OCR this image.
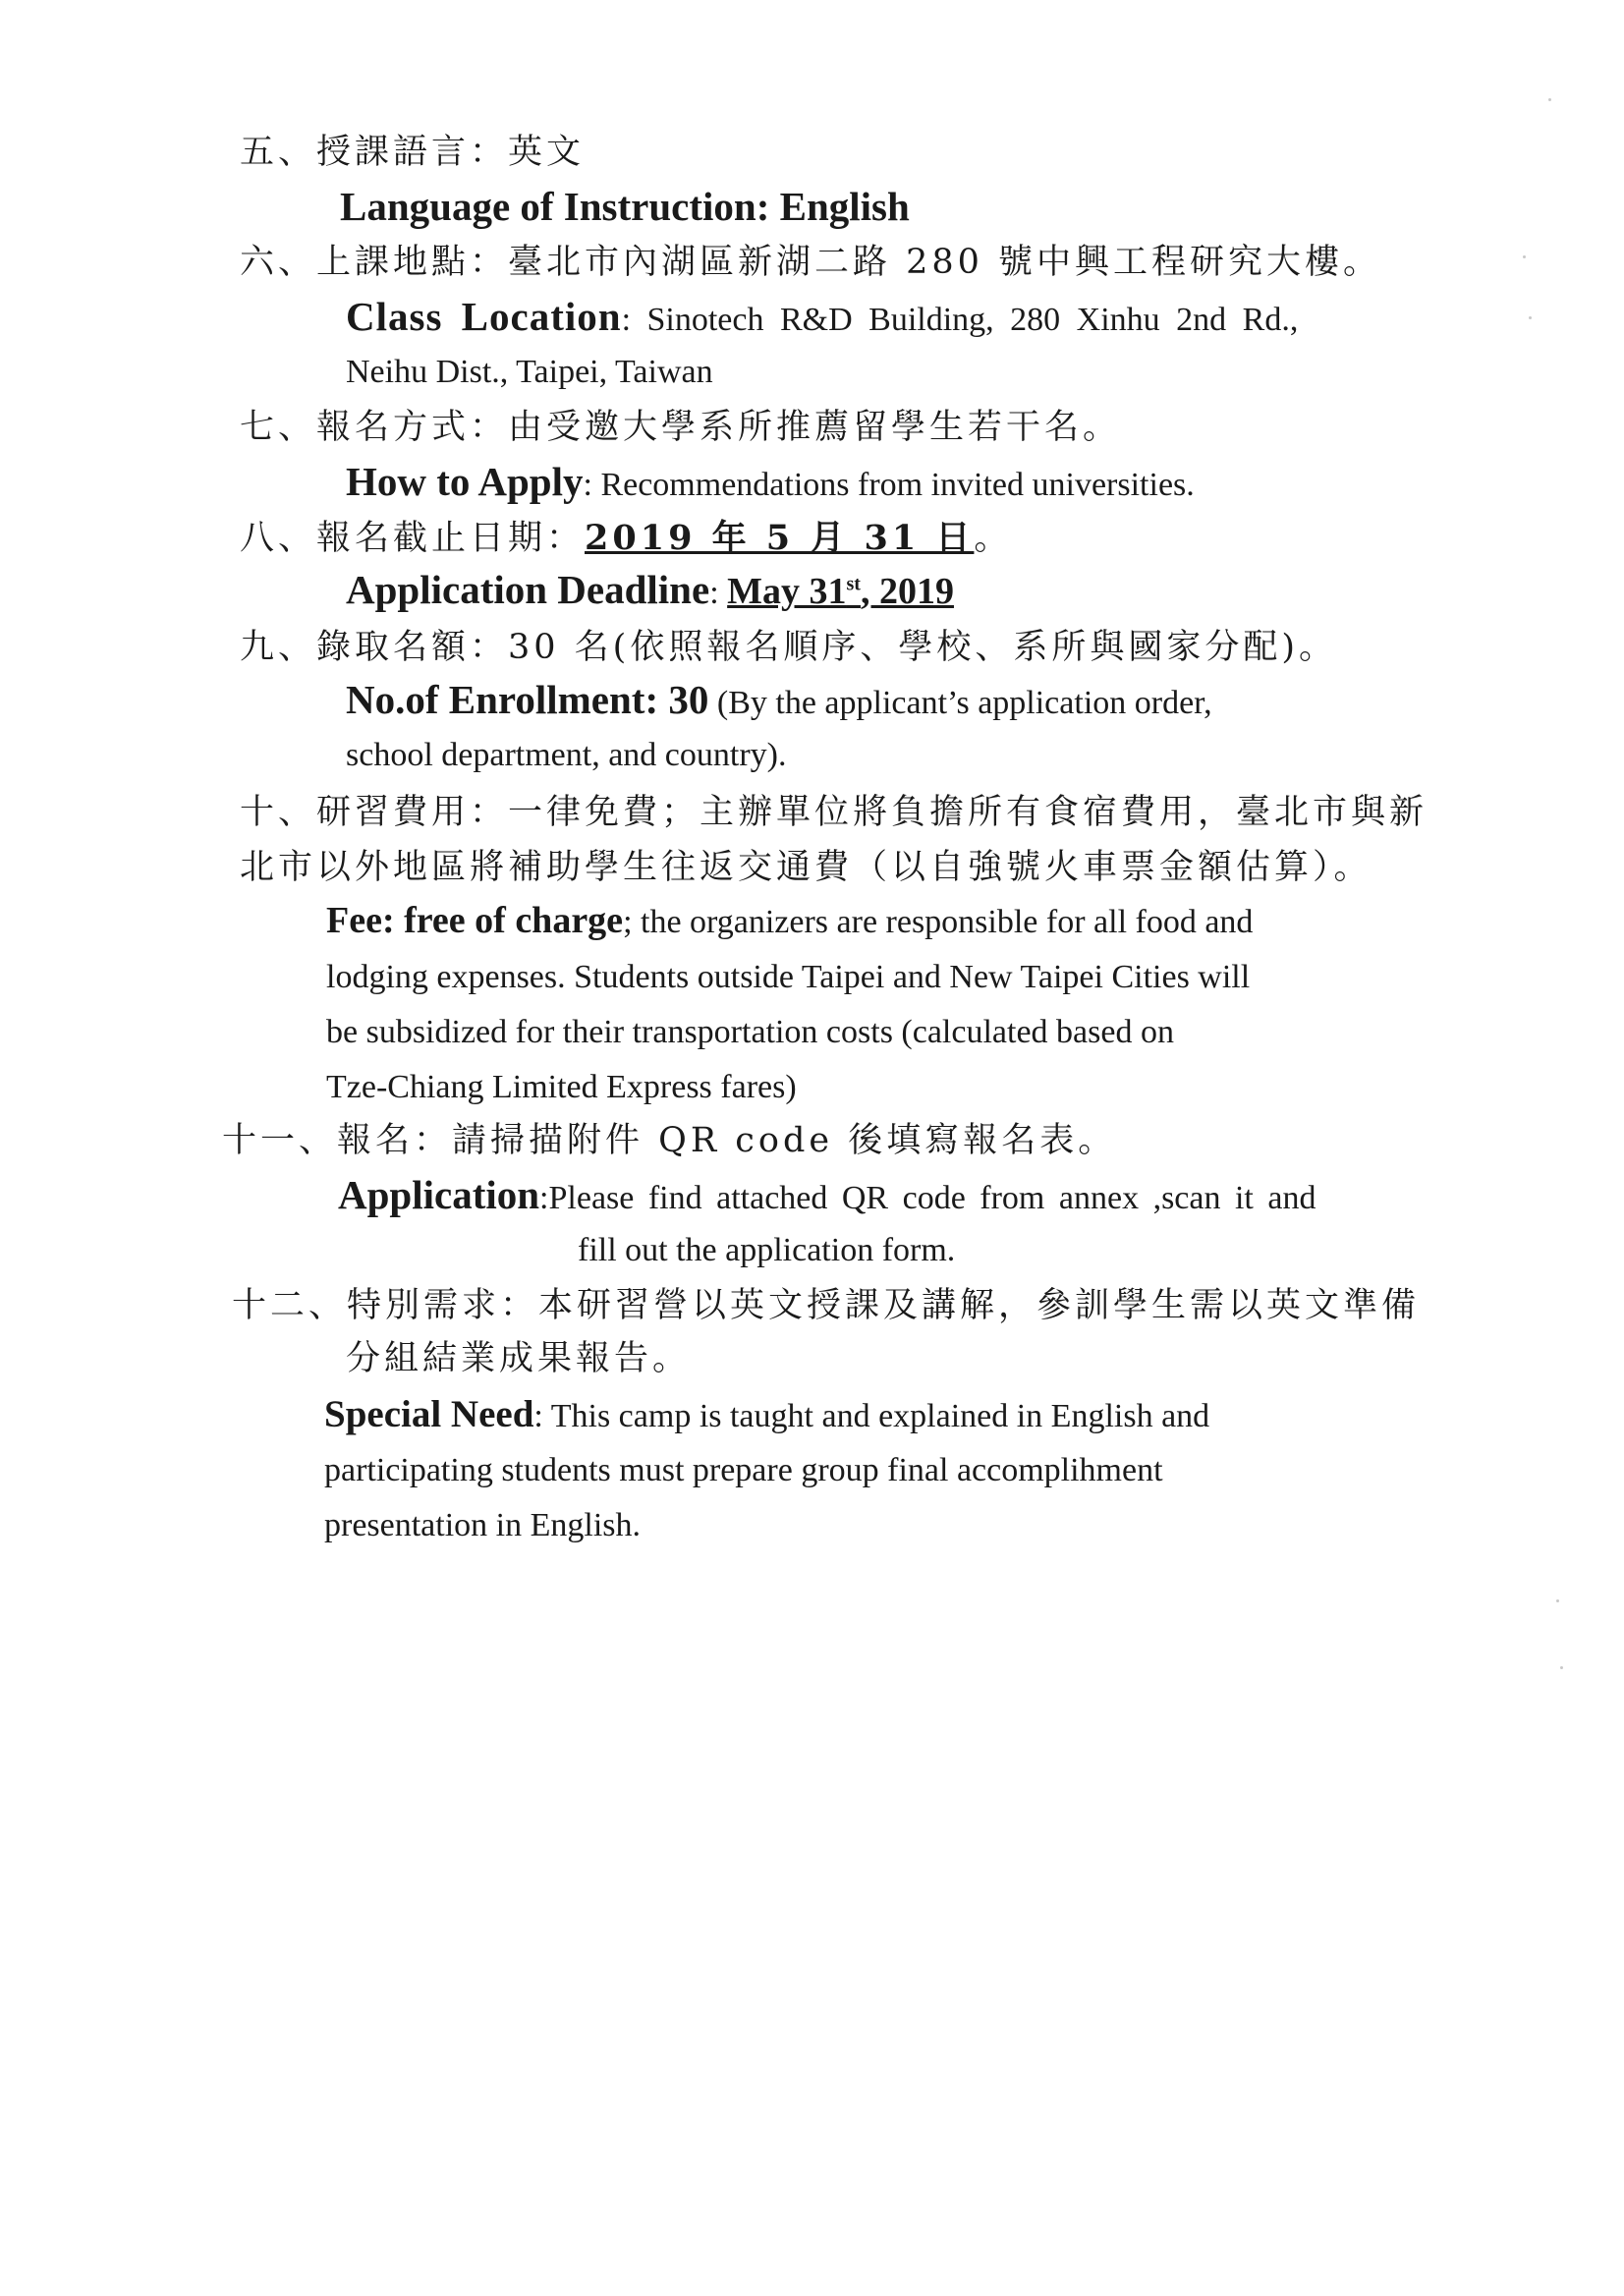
五、授課語言：英文
Language of Instruction: English
六、上課地點：臺北市內湖區新湖二路 280 號中興工程研究大樓。
Class Location: Sinotech R&D Building, 280 Xinhu 2nd Rd.,
Neihu Dist., Taipei, Taiwan
七、報名方式：由受邀大學系所推薦留學生若干名。
How to Apply: Recommendations from invited universities.
八、報名截止日期：2019 年 5 月 31 日。
Application Deadline: May 31st, 2019
九、錄取名額：30 名(依照報名順序、學校、系所與國家分配)。
No.of Enrollment: 30 (By the applicant’s application order,
school department, and country).
十、研習費用：一律免費；主辦單位將負擔所有食宿費用，臺北市與新
北市以外地區將補助學生往返交通費（以自強號火車票金額估算）。
Fee: free of charge; the organizers are responsible for all food and
lodging expenses. Students outside Taipei and New Taipei Cities will
be subsidized for their transportation costs (calculated based on
Tze-Chiang Limited Express fares)
十一、報名：請掃描附件 QR code 後填寫報名表。
Application:Please find attached QR code from annex ,scan it and
fill out the application form.
十二、特別需求：本研習營以英文授課及講解，參訓學生需以英文準備
分組結業成果報告。
Special Need: This camp is taught and explained in English and
participating students must prepare group final accomplihment
presentation in English.
